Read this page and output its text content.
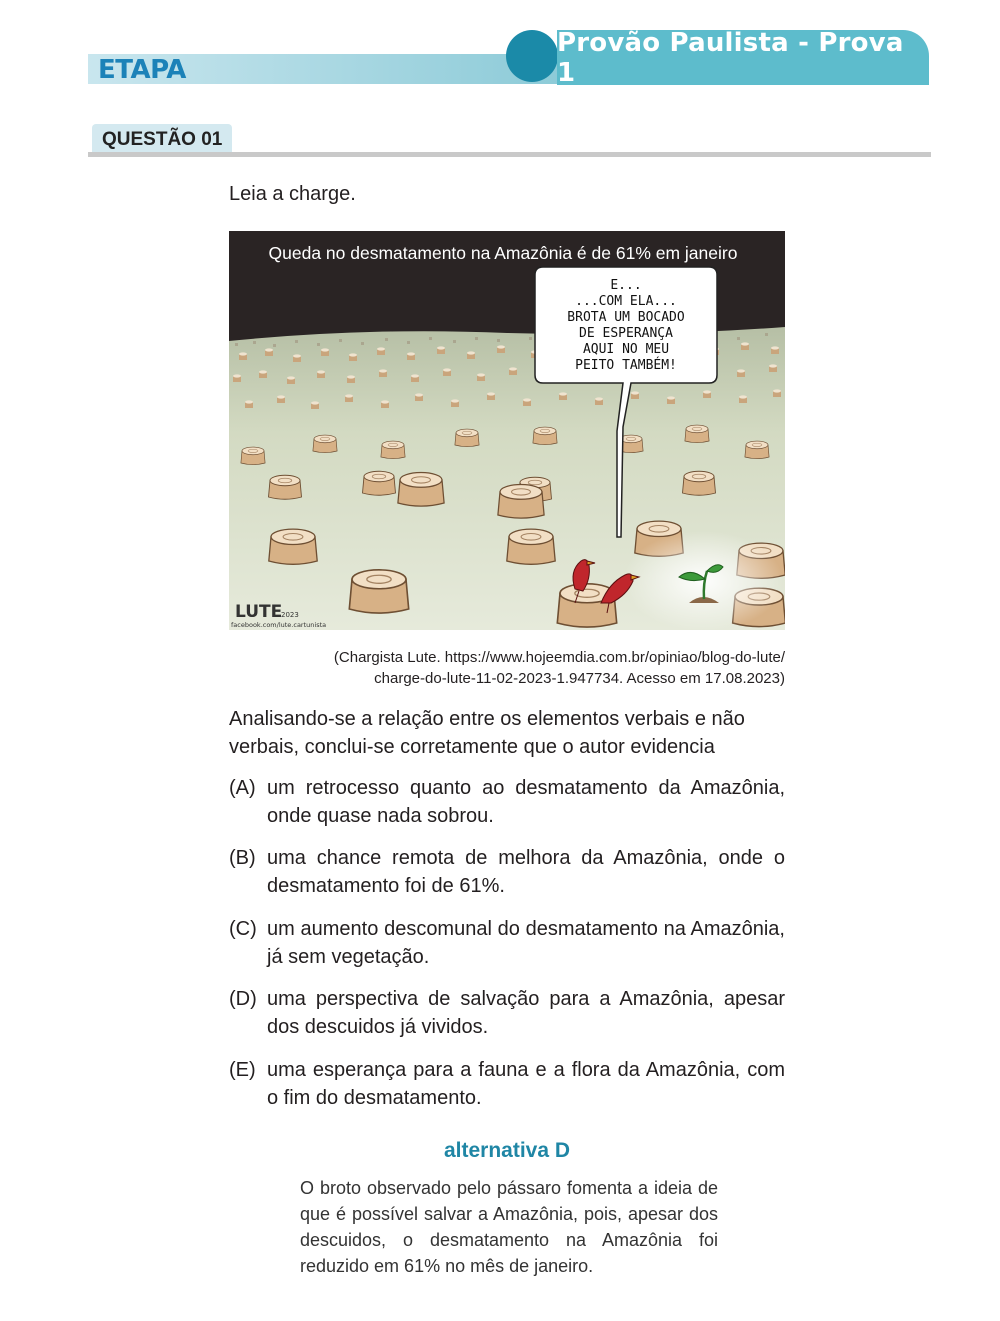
ETAPA
Provão Paulista - Prova 1
QUESTÃO 01
Leia a charge.
E...
...COM ELA...
BROTA UM BOCADO
DE ESPERANÇA
AQUI NO MEU
PEITO TAMBÉM!
Queda no desmatamento na Amazônia é de 61% em janeiro
LUTE
2023
facebook.com/lute.cartunista
(Chargista Lute. https://www.hojeemdia.com.br/opiniao/blog-do-lute/
charge-do-lute-11-02-2023-1.947734. Acesso em 17.08.2023)
Analisando-se a relação entre os elementos verbais e não verbais, conclui-se corretamente que o autor evidencia
(A) um retrocesso quanto ao desmatamento da Amazônia, onde quase nada sobrou.
(B) uma chance remota de melhora da Amazônia, onde o desmatamento foi de 61%.
(C) um aumento descomunal do desmatamento na Amazônia, já sem vegetação.
(D) uma perspectiva de salvação para a Amazônia, apesar dos descuidos já vividos.
(E) uma esperança para a fauna e a flora da Amazônia, com o fim do desmatamento.
alternativa D
O broto observado pelo pássaro fomenta a ideia de que é possível salvar a Amazônia, pois, apesar dos descuidos, o desmatamento na Amazônia foi reduzido em 61% no mês de janeiro.
